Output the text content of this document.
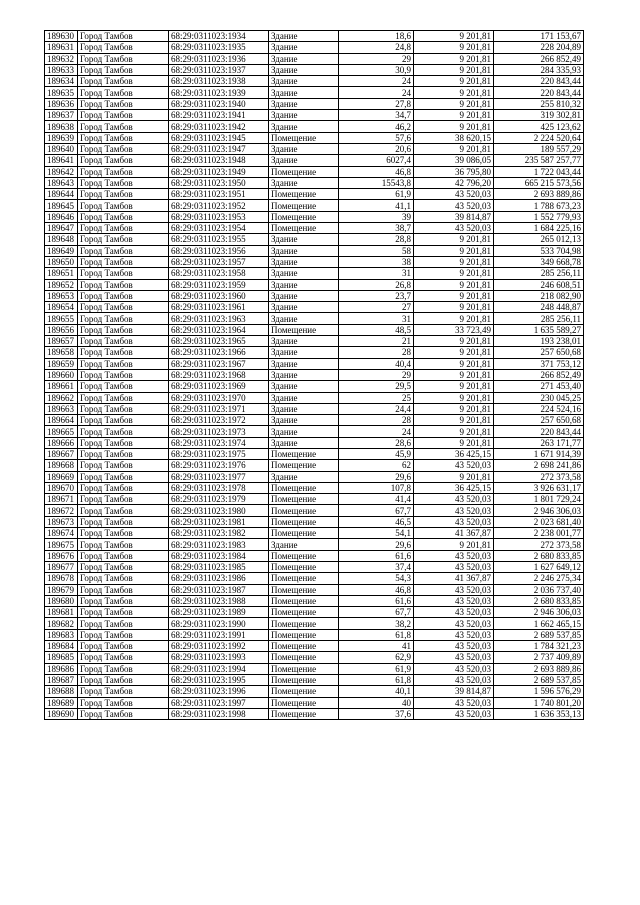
189630	Город Тамбов	68:29:0311023:1934	Здание	18,6	9 201,81	171 153,67
189631	Город Тамбов	68:29:0311023:1935	Здание	24,8	9 201,81	228 204,89
189632	Город Тамбов	68:29:0311023:1936	Здание	29	9 201,81	266 852,49
189633	Город Тамбов	68:29:0311023:1937	Здание	30,9	9 201,81	284 335,93
189634	Город Тамбов	68:29:0311023:1938	Здание	24	9 201,81	220 843,44
189635	Город Тамбов	68:29:0311023:1939	Здание	24	9 201,81	220 843,44
189636	Город Тамбов	68:29:0311023:1940	Здание	27,8	9 201,81	255 810,32
189637	Город Тамбов	68:29:0311023:1941	Здание	34,7	9 201,81	319 302,81
189638	Город Тамбов	68:29:0311023:1942	Здание	46,2	9 201,81	425 123,62
189639	Город Тамбов	68:29:0311023:1945	Помещение	57,6	38 620,15	2 224 520,64
189640	Город Тамбов	68:29:0311023:1947	Здание	20,6	9 201,81	189 557,29
189641	Город Тамбов	68:29:0311023:1948	Здание	6027,4	39 086,05	235 587 257,77
189642	Город Тамбов	68:29:0311023:1949	Помещение	46,8	36 795,80	1 722 043,44
189643	Город Тамбов	68:29:0311023:1950	Здание	15543,8	42 796,20	665 215 573,56
189644	Город Тамбов	68:29:0311023:1951	Помещение	61,9	43 520,03	2 693 889,86
189645	Город Тамбов	68:29:0311023:1952	Помещение	41,1	43 520,03	1 788 673,23
189646	Город Тамбов	68:29:0311023:1953	Помещение	39	39 814,87	1 552 779,93
189647	Город Тамбов	68:29:0311023:1954	Помещение	38,7	43 520,03	1 684 225,16
189648	Город Тамбов	68:29:0311023:1955	Здание	28,8	9 201,81	265 012,13
189649	Город Тамбов	68:29:0311023:1956	Здание	58	9 201,81	533 704,98
189650	Город Тамбов	68:29:0311023:1957	Здание	38	9 201,81	349 668,78
189651	Город Тамбов	68:29:0311023:1958	Здание	31	9 201,81	285 256,11
189652	Город Тамбов	68:29:0311023:1959	Здание	26,8	9 201,81	246 608,51
189653	Город Тамбов	68:29:0311023:1960	Здание	23,7	9 201,81	218 082,90
189654	Город Тамбов	68:29:0311023:1961	Здание	27	9 201,81	248 448,87
189655	Город Тамбов	68:29:0311023:1963	Здание	31	9 201,81	285 256,11
189656	Город Тамбов	68:29:0311023:1964	Помещение	48,5	33 723,49	1 635 589,27
189657	Город Тамбов	68:29:0311023:1965	Здание	21	9 201,81	193 238,01
189658	Город Тамбов	68:29:0311023:1966	Здание	28	9 201,81	257 650,68
189659	Город Тамбов	68:29:0311023:1967	Здание	40,4	9 201,81	371 753,12
189660	Город Тамбов	68:29:0311023:1968	Здание	29	9 201,81	266 852,49
189661	Город Тамбов	68:29:0311023:1969	Здание	29,5	9 201,81	271 453,40
189662	Город Тамбов	68:29:0311023:1970	Здание	25	9 201,81	230 045,25
189663	Город Тамбов	68:29:0311023:1971	Здание	24,4	9 201,81	224 524,16
189664	Город Тамбов	68:29:0311023:1972	Здание	28	9 201,81	257 650,68
189665	Город Тамбов	68:29:0311023:1973	Здание	24	9 201,81	220 843,44
189666	Город Тамбов	68:29:0311023:1974	Здание	28,6	9 201,81	263 171,77
189667	Город Тамбов	68:29:0311023:1975	Помещение	45,9	36 425,15	1 671 914,39
189668	Город Тамбов	68:29:0311023:1976	Помещение	62	43 520,03	2 698 241,86
189669	Город Тамбов	68:29:0311023:1977	Здание	29,6	9 201,81	272 373,58
189670	Город Тамбов	68:29:0311023:1978	Помещение	107,8	36 425,15	3 926 631,17
189671	Город Тамбов	68:29:0311023:1979	Помещение	41,4	43 520,03	1 801 729,24
189672	Город Тамбов	68:29:0311023:1980	Помещение	67,7	43 520,03	2 946 306,03
189673	Город Тамбов	68:29:0311023:1981	Помещение	46,5	43 520,03	2 023 681,40
189674	Город Тамбов	68:29:0311023:1982	Помещение	54,1	41 367,87	2 238 001,77
189675	Город Тамбов	68:29:0311023:1983	Здание	29,6	9 201,81	272 373,58
189676	Город Тамбов	68:29:0311023:1984	Помещение	61,6	43 520,03	2 680 833,85
189677	Город Тамбов	68:29:0311023:1985	Помещение	37,4	43 520,03	1 627 649,12
189678	Город Тамбов	68:29:0311023:1986	Помещение	54,3	41 367,87	2 246 275,34
189679	Город Тамбов	68:29:0311023:1987	Помещение	46,8	43 520,03	2 036 737,40
189680	Город Тамбов	68:29:0311023:1988	Помещение	61,6	43 520,03	2 680 833,85
189681	Город Тамбов	68:29:0311023:1989	Помещение	67,7	43 520,03	2 946 306,03
189682	Город Тамбов	68:29:0311023:1990	Помещение	38,2	43 520,03	1 662 465,15
189683	Город Тамбов	68:29:0311023:1991	Помещение	61,8	43 520,03	2 689 537,85
189684	Город Тамбов	68:29:0311023:1992	Помещение	41	43 520,03	1 784 321,23
189685	Город Тамбов	68:29:0311023:1993	Помещение	62,9	43 520,03	2 737 409,89
189686	Город Тамбов	68:29:0311023:1994	Помещение	61,9	43 520,03	2 693 889,86
189687	Город Тамбов	68:29:0311023:1995	Помещение	61,8	43 520,03	2 689 537,85
189688	Город Тамбов	68:29:0311023:1996	Помещение	40,1	39 814,87	1 596 576,29
189689	Город Тамбов	68:29:0311023:1997	Помещение	40	43 520,03	1 740 801,20
189690	Город Тамбов	68:29:0311023:1998	Помещение	37,6	43 520,03	1 636 353,13
